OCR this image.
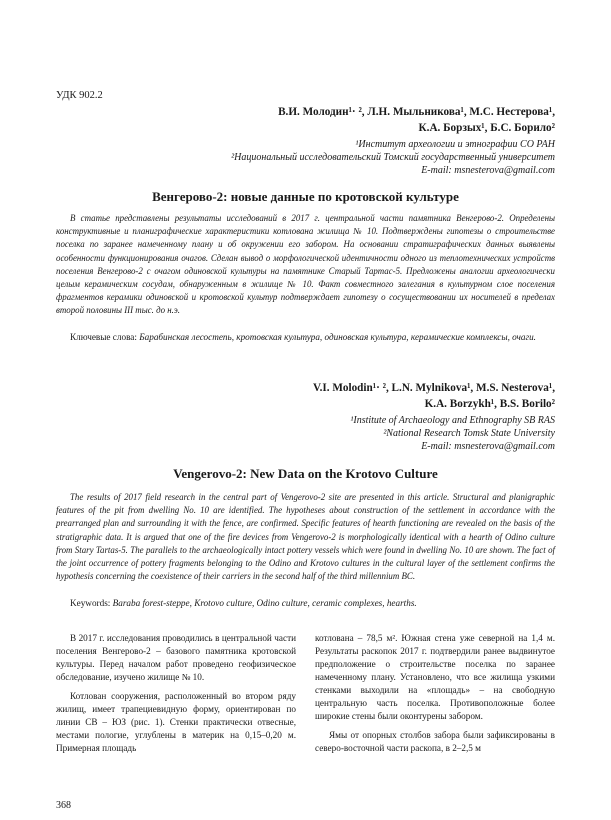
УДК 902.2
В.И. Молодин¹· ², Л.Н. Мыльникова¹, М.С. Нестерова¹,
К.А. Борзых¹, Б.С. Борило²
¹Институт археологии и этнографии СО РАН
²Национальный исследовательский Томский государственный университет
E-mail: msnesterova@gmail.com
Венгерово-2: новые данные по кротовской культуре

В статье представлены результаты исследований в 2017 г. центральной части памятника Венгерово-2. Определены конструктивные и планиграфические характеристики котлована жилища № 10. Подтверждены гипотезы о строительстве поселка по заранее намеченному плану и об окружении его забором. На основании стратиграфических данных выявлены особенности функционирования очагов. Сделан вывод о морфологической идентичности одного из теплотехнических устройств поселения Венгерово-2 с очагом одиновской культуры на памятнике Старый Тартас-5. Предложены аналогии археологически целым керамическим сосудам, обнаруженным в жилище № 10. Факт совместного залегания в культурном слое поселения фрагментов керамики одиновской и кротовской культур подтверждает гипотезу о сосуществовании их носителей в пределах второй половины III тыс. до н.э.

Ключевые слова: Барабинская лесостепь, кротовская культура, одиновская культура, керамические комплексы, очаги.

V.I. Molodin¹· ², L.N. Mylnikova¹, M.S. Nesterova¹,
K.A. Borzykh¹, B.S. Borilo²
¹Institute of Archaeology and Ethnography SB RAS
²National Research Tomsk State University
E-mail: msnesterova@gmail.com
Vengerovo-2: New Data on the Krotovo Culture

The results of 2017 field research in the central part of Vengerovo-2 site are presented in this article. Structural and planigraphic features of the pit from dwelling No. 10 are identified. The hypotheses about construction of the settlement in accordance with the prearranged plan and surrounding it with the fence, are confirmed. Specific features of hearth functioning are revealed on the basis of the stratigraphic data. It is argued that one of the fire devices from Vengerovo-2 is morphologically identical with a hearth of Odino culture from Stary Tartas-5. The parallels to the archaeologically intact pottery vessels which were found in dwelling No. 10 are shown. The fact of the joint occurrence of pottery fragments belonging to the Odino and Krotovo cultures in the cultural layer of the settlement confirms the hypothesis concerning the coexistence of their carriers in the second half of the third millennium BC.

Keywords: Baraba forest-steppe, Krotovo culture, Odino culture, ceramic complexes, hearths.

В 2017 г. исследования проводились в центральной части поселения Венгерово-2 – базового памятника кротовской культуры. Перед началом работ проведено геофизическое обследование, изучено жилище № 10.

Котлован сооружения, расположенный во втором ряду жилищ, имеет трапециевидную форму, ориентирован по линии СВ – ЮЗ (рис. 1). Стенки практически отвесные, местами пологие, углублены в материк на 0,15–0,20 м. Примерная площадь

котлована – 78,5 м². Южная стена уже северной на 1,4 м. Результаты раскопок 2017 г. подтвердили ранее выдвинутое предположение о строительстве поселка по заранее намеченному плану. Установлено, что все жилища узкими стенками выходили на «площадь» – на свободную центральную часть поселка. Противоположные более широкие стены были оконтурены забором.

Ямы от опорных столбов забора были зафиксированы в северо-восточной части раскопа, в 2–2,5 м

368
